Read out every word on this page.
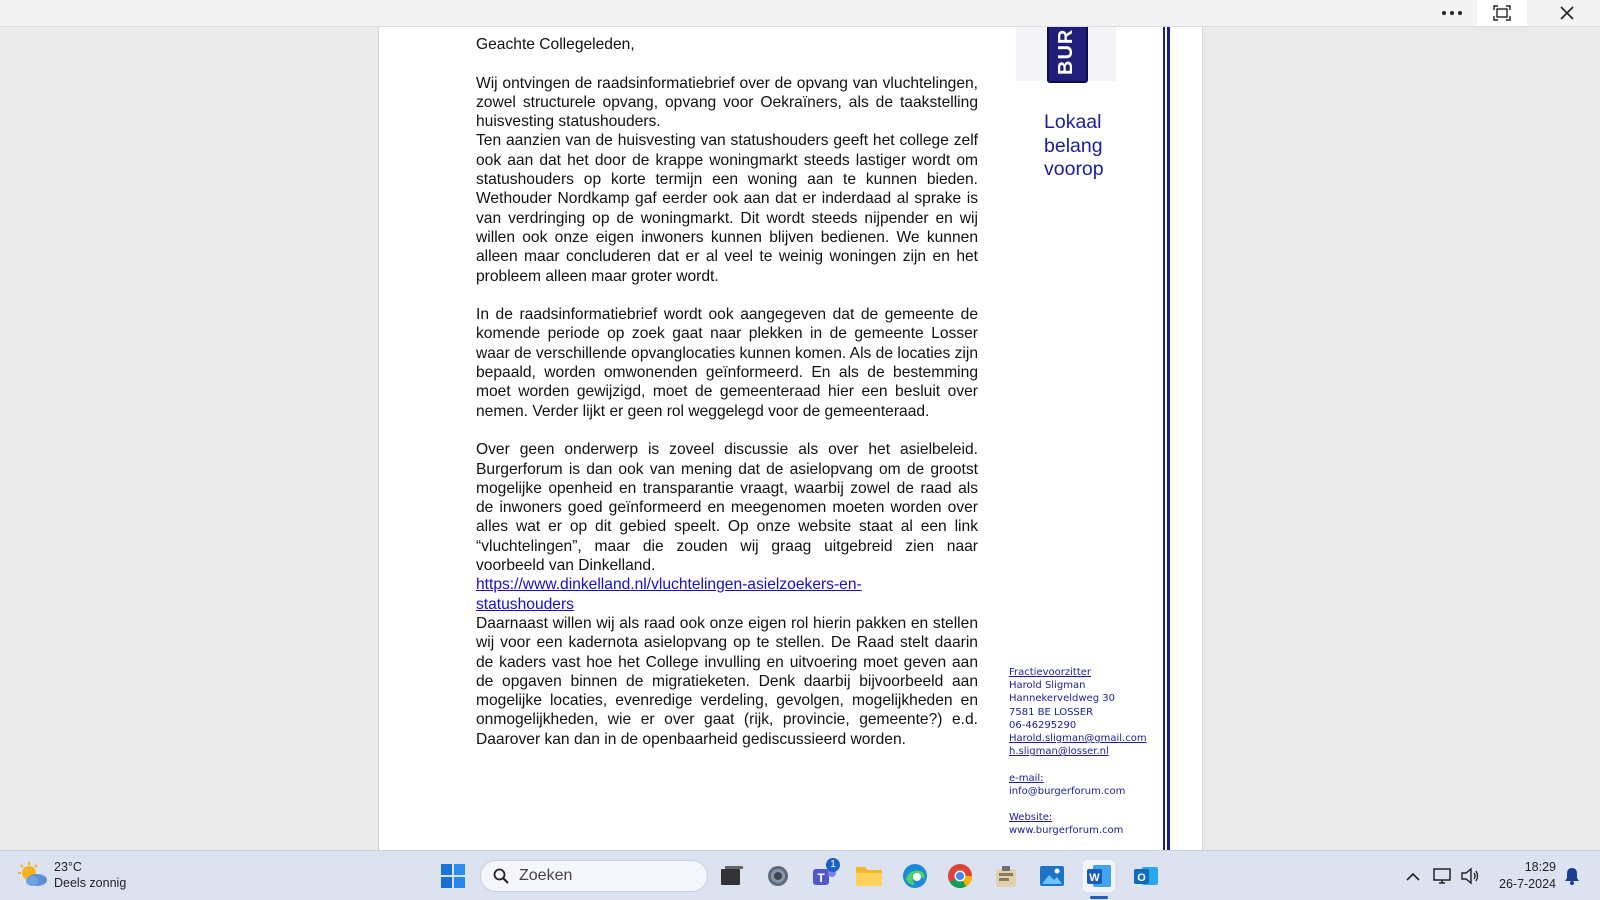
Geachte Collegeleden,

Wij ontvingen de raadsinformatiebrief over de opvang van vluchtelingen, zowel structurele opvang, opvang voor Oekraïners, als de taakstelling huisvesting statushouders.

Ten aanzien van de huisvesting van statushouders geeft het college zelf ook aan dat het door de krappe woningmarkt steeds lastiger wordt om statushouders op korte termijn een woning aan te kunnen bieden. Wethouder Nordkamp gaf eerder ook aan dat er inderdaad al sprake is van verdringing op de woningmarkt. Dit wordt steeds nijpender en wij willen ook onze eigen inwoners kunnen blijven bedienen. We kunnen alleen maar concluderen dat er al veel te weinig woningen zijn en het probleem alleen maar groter wordt.

In de raadsinformatiebrief wordt ook aangegeven dat de gemeente de komende periode op zoek gaat naar plekken in de gemeente Losser waar de verschillende opvanglocaties kunnen komen. Als de locaties zijn bepaald, worden omwonenden geïnformeerd. En als de bestemming moet worden gewijzigd, moet de gemeenteraad hier een besluit over nemen. Verder lijkt er geen rol weggelegd voor de gemeenteraad.

Over geen onderwerp is zoveel discussie als over het asielbeleid. Burgerforum is dan ook van mening dat de asielopvang om de grootst mogelijke openheid en transparantie vraagt, waarbij zowel de raad als de inwoners goed geïnformeerd en meegenomen moeten worden over alles wat er op dit gebied speelt. Op onze website staat al een link “vluchtelingen”, maar die zouden wij graag uitgebreid zien naar voorbeeld van Dinkelland.

https://www.dinkelland.nl/vluchtelingen-asielzoekers-en-
statushouders

Daarnaast willen wij als raad ook onze eigen rol hierin pakken en stellen wij voor een kadernota asielopvang op te stellen. De Raad stelt daarin de kaders vast hoe het College invulling en uitvoering moet geven aan de opgaven binnen de migratieketen. Denk daarbij bijvoorbeeld aan mogelijke locaties, evenredige verdeling, gevolgen, mogelijkheden en onmogelijkheden, wie er over gaat (rijk, provincie, gemeente?) e.d. Daarover kan dan in de openbaarheid gediscussieerd worden.

BUR
Lokaal
belang
voorop
Fractievoorzitter
Harold Sligman
Hannekerveldweg 30
7581 BE LOSSER
06-46295290
Harold.sligman@gmail.com
h.sligman@losser.nl
e-mail:
info@burgerforum.com
Website:
www.burgerforum.com
23°C
Deels zonnig
Zoeken	T
1
W	O
18:29
26-7-2024
